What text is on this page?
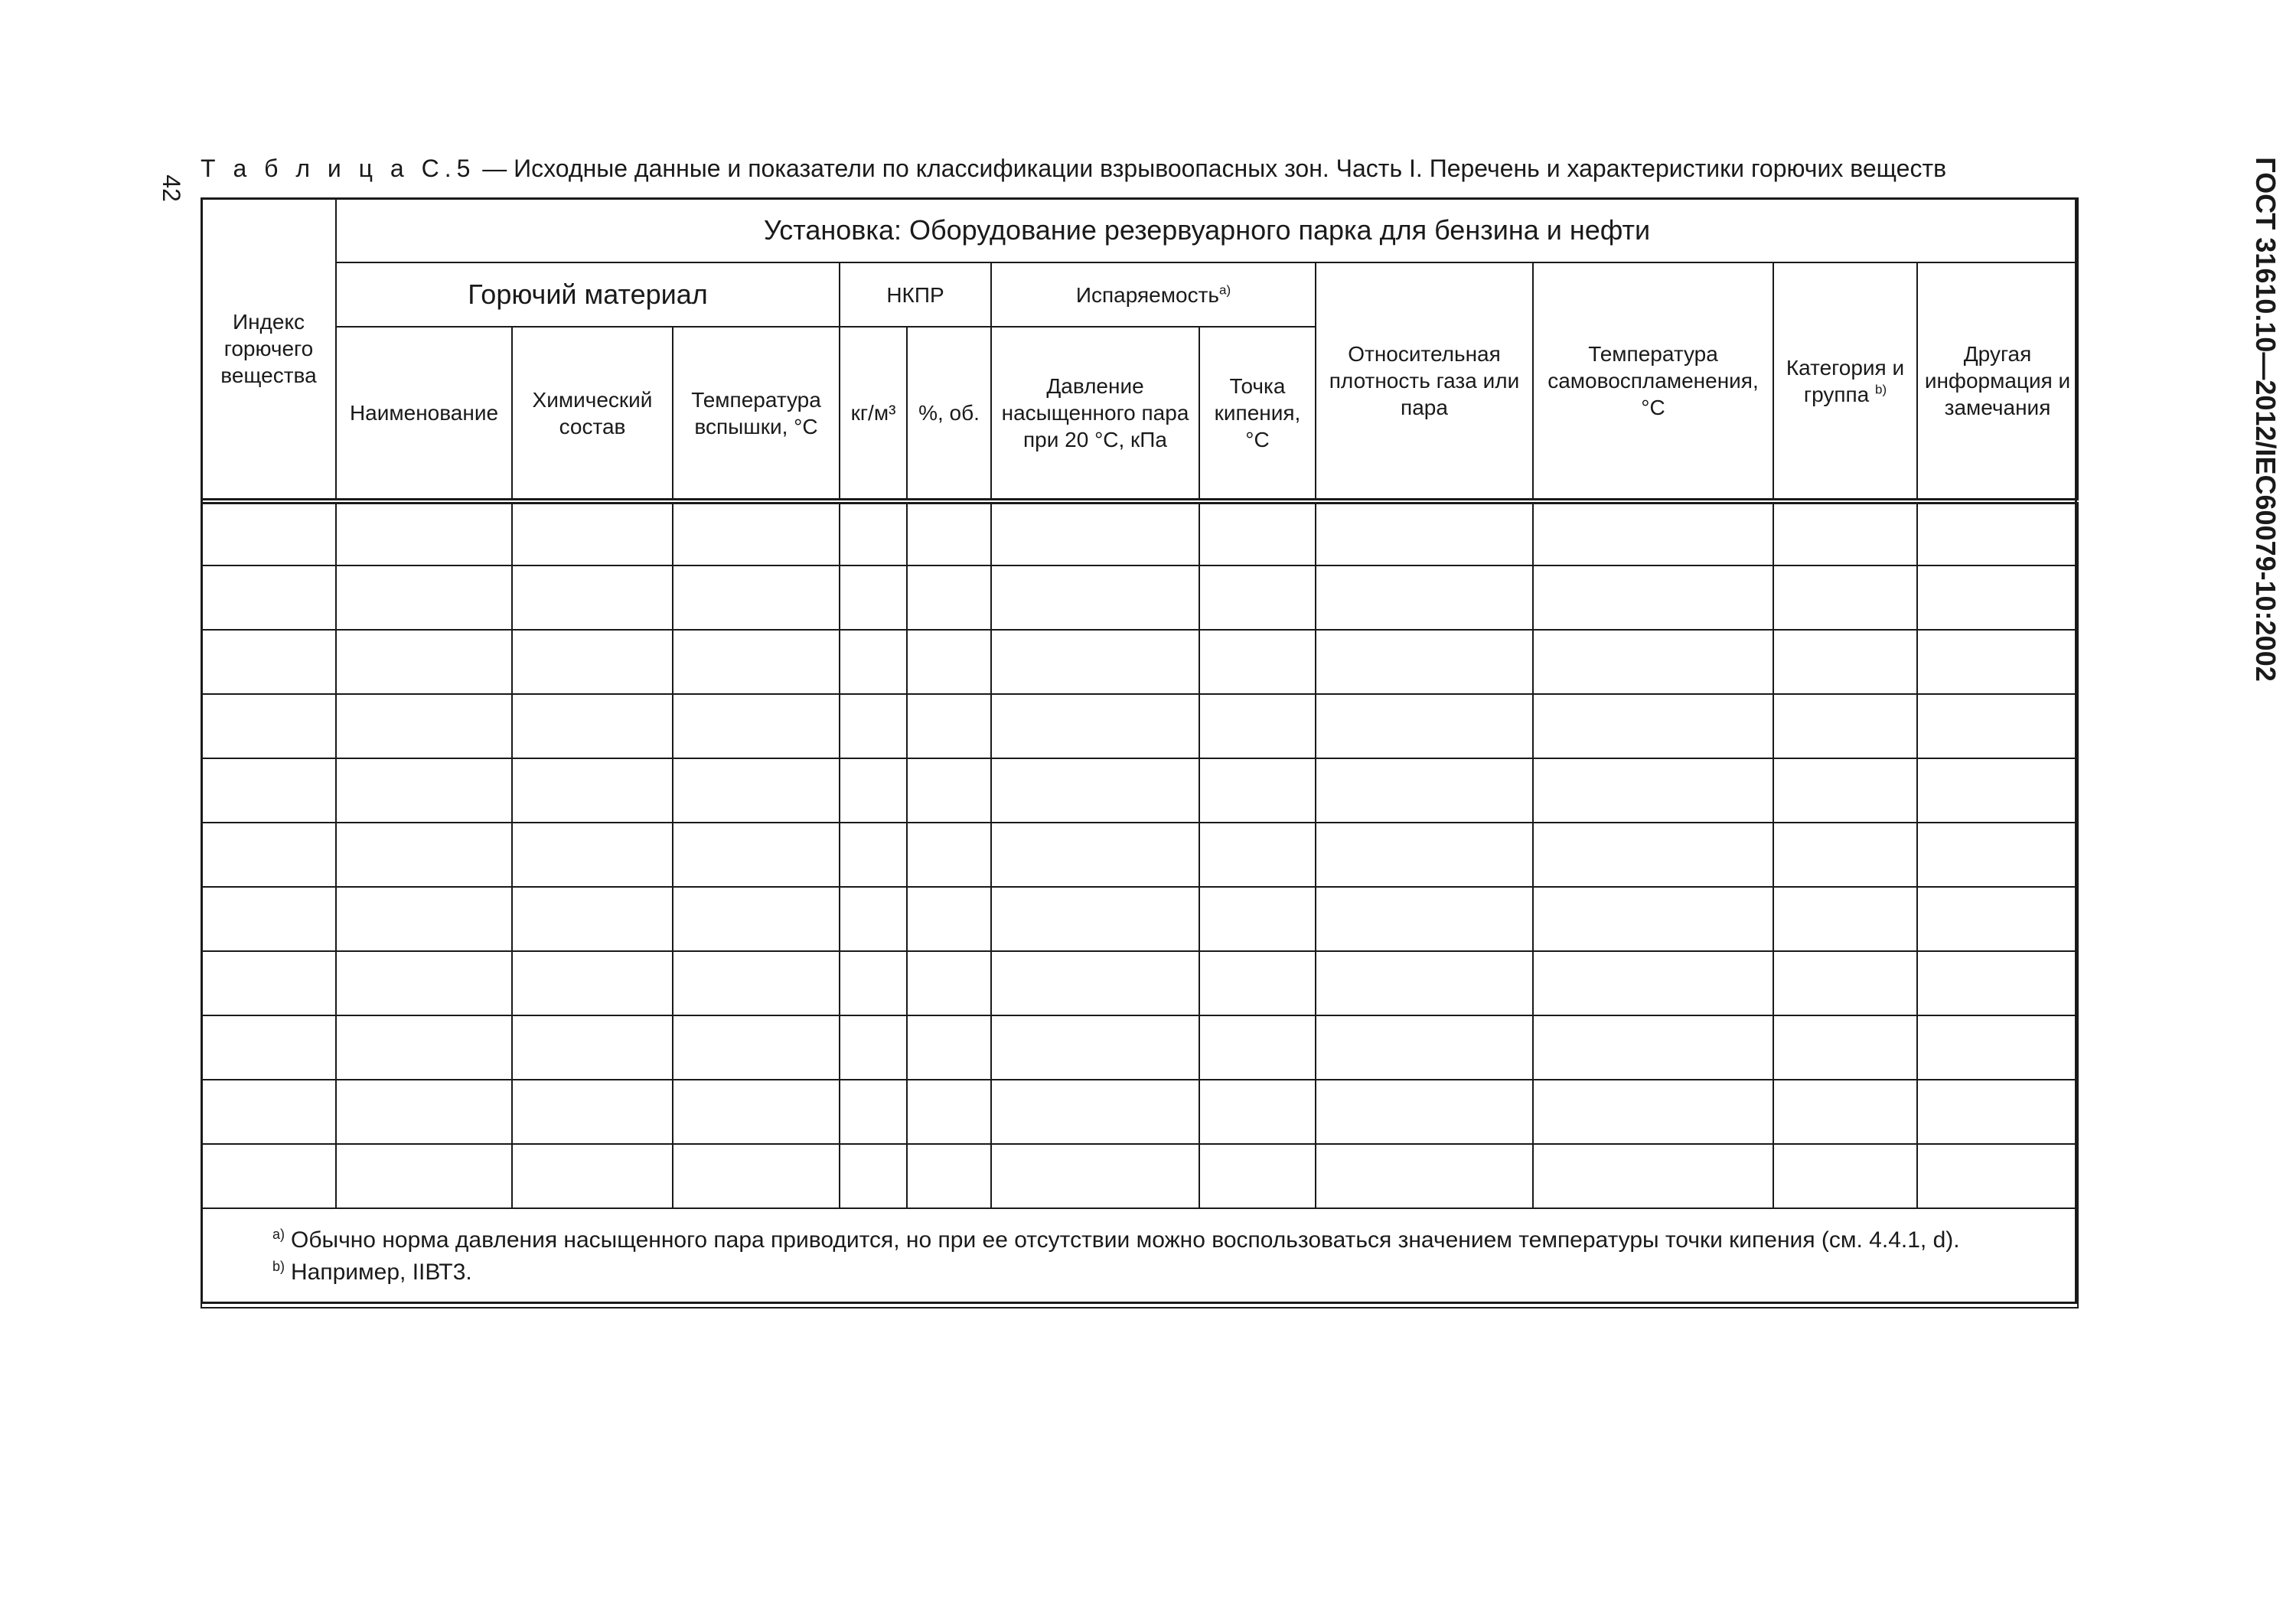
42
Т а б л и ц а С.5 — Исходные данные и показатели по классификации взрывоопасных зон. Часть I. Перечень и характеристики горючих веществ	ГОСТ 31610.10—2012/IEC60079-10:2002
Индекс горючего вещества	Установка: Оборудование резервуарного парка для бензина и нефти										
	Горючий материал			НКПР		Испаряемость$^{a)}$		Относительная плотность газа или пара	Температура самовоспламенения, °С	Категория и группа $^{b)}$	Другая информация и замечания
	Наименование	Химический состав	Температура вспышки, °С	кг/м³	%, об.	Давление насыщенного пара при 20 °С, кПа	Точка кипения, °С				

$^{a)}$ Обычно норма давления насыщенного пара приводится, но при ее отсутствии можно воспользоваться значением температуры точки кипения (см. 4.4.1, d).
$^{b)}$ Например, IIВТ3.
